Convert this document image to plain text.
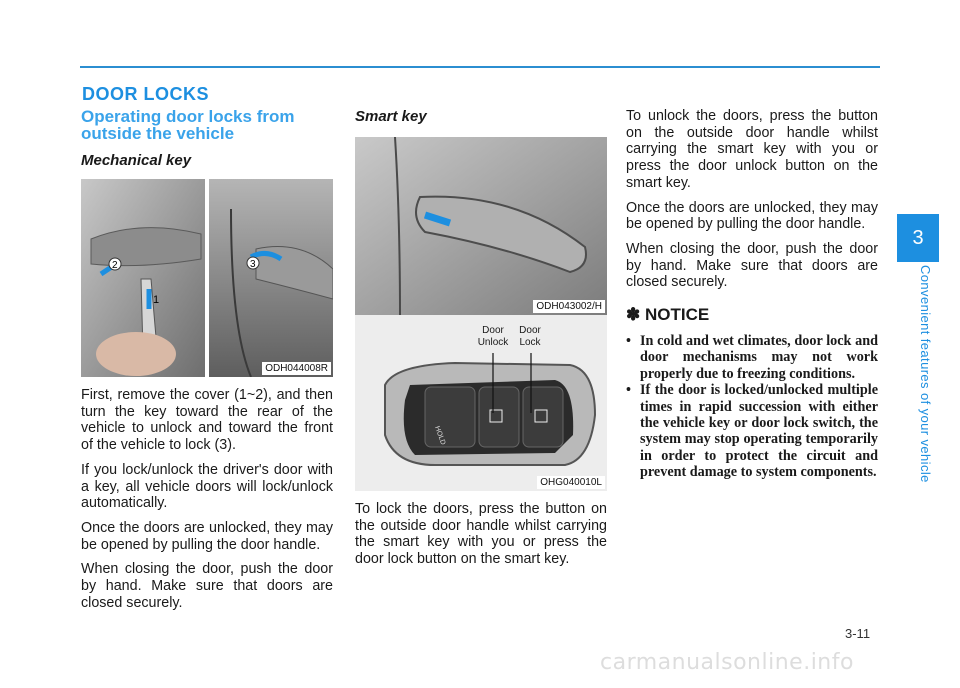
DOOR LOCKS
Operating door locks from outside the vehicle
Mechanical key
2
1
3
ODH044008R

First, remove the cover (1~2), and then turn the key toward the rear of the vehicle to unlock and toward the front of the vehicle to lock (3).

If you lock/unlock the driver's door with a key, all vehicle doors will lock/unlock automatically.

Once the doors are unlocked, they may be opened by pulling the door handle.

When closing the door, push the door by hand. Make sure that doors are closed securely.

Smart key
ODH043002/H
Door Unlock
Door Lock
HOLD
OHG040010L

To lock the doors, press the button on the outside door handle whilst carrying the smart key with you or press the door lock button on the smart key.

To unlock the doors, press the button on the outside door handle whilst carrying the smart key with you or press the door unlock button on the smart key.

Once the doors are unlocked, they may be opened by pulling the door handle.

When closing the door, push the door by hand. Make sure that doors are closed securely.

✽ NOTICE
• In cold and wet climates, door lock and door mechanisms may not work properly due to freezing conditions.
• If the door is locked/unlocked multiple times in rapid succession with either the vehicle key or door lock switch, the system may stop operating temporarily in order to protect the circuit and prevent damage to system components.
3
Convenient features of your vehicle
3-11
carmanualsonline.info
